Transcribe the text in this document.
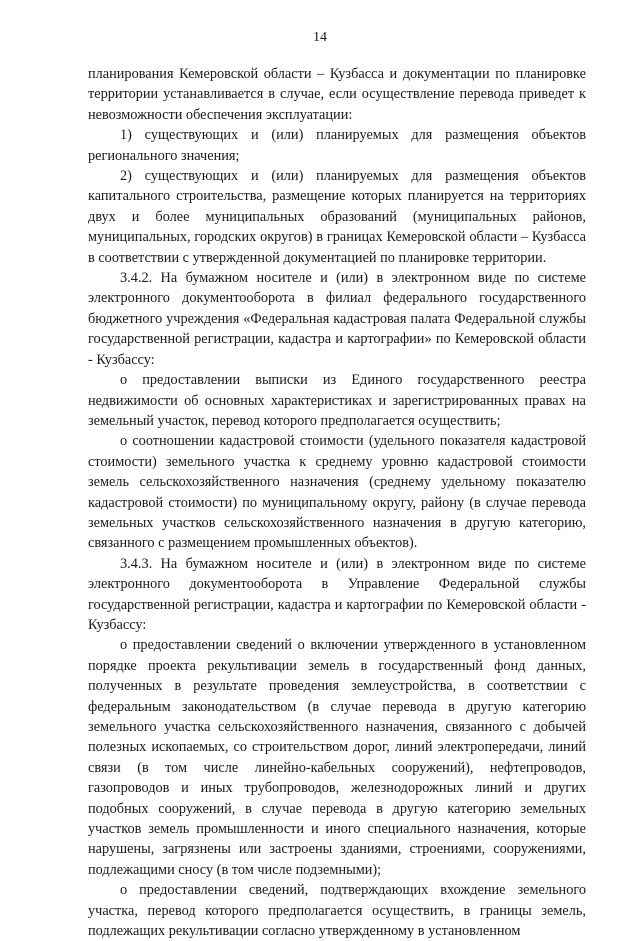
14

планирования Кемеровской области – Кузбасса и документации по планировке территории устанавливается в случае, если осуществление перевода приведет к невозможности обеспечения эксплуатации:

1) существующих и (или) планируемых для размещения объектов регионального значения;

2) существующих и (или) планируемых для размещения объектов капитального строительства, размещение которых планируется на территориях двух и более муниципальных образований (муниципальных районов, муниципальных, городских округов) в границах Кемеровской области – Кузбасса в соответствии с утвержденной документацией по планировке территории.

3.4.2. На бумажном носителе и (или) в электронном виде по системе электронного документооборота в филиал федерального государственного бюджетного учреждения «Федеральная кадастровая палата Федеральной службы государственной регистрации, кадастра и картографии» по Кемеровской области - Кузбассу:

о предоставлении выписки из Единого государственного реестра недвижимости об основных характеристиках и зарегистрированных правах на земельный участок, перевод которого предполагается осуществить;

о соотношении кадастровой стоимости (удельного показателя кадастровой стоимости) земельного участка к среднему уровню кадастровой стоимости земель сельскохозяйственного назначения (среднему удельному показателю кадастровой стоимости) по муниципальному округу, району (в случае перевода земельных участков сельскохозяйственного назначения в другую категорию, связанного с размещением промышленных объектов).

3.4.3. На бумажном носителе и (или) в электронном виде по системе электронного документооборота в Управление Федеральной службы государственной регистрации, кадастра и картографии по Кемеровской области - Кузбассу:

о предоставлении сведений о включении утвержденного в установленном порядке проекта рекультивации земель в государственный фонд данных, полученных в результате проведения землеустройства, в соответствии с федеральным законодательством (в случае перевода в другую категорию земельного участка сельскохозяйственного назначения, связанного с добычей полезных ископаемых, со строительством дорог, линий электропередачи, линий связи (в том числе линейно-кабельных сооружений), нефтепроводов, газопроводов и иных трубопроводов, железнодорожных линий и других подобных сооружений, в случае перевода в другую категорию земельных участков земель промышленности и иного специального назначения, которые нарушены, загрязнены или застроены зданиями, строениями, сооружениями, подлежащими сносу (в том числе подземными);

о предоставлении сведений, подтверждающих вхождение земельного участка, перевод которого предполагается осуществить, в границы земель, подлежащих рекультивации согласно утвержденному в установленном
